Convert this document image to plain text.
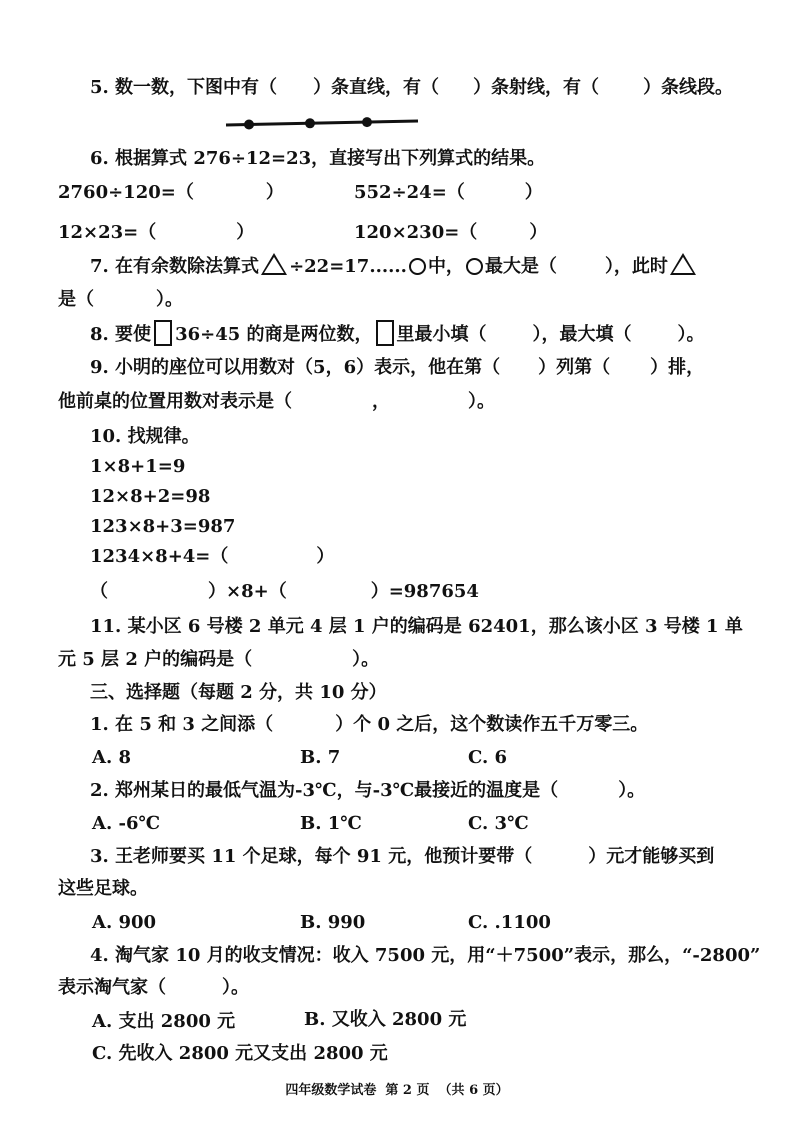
5. 数一数，下图中有（ ）条直线，有（ ）条射线，有（ ）条线段。
6. 根据算式 276÷12=23，直接写出下列算式的结果。
2760÷120=（	）	552÷24=（	）
12×23=（	）	120×230=（	）
7. 在有余数除法算式 ÷22=17...... 中， 最大是（	），此时
是（	）。
8. 要使 36÷45 的商是两位数， 里最小填（	），最大填（	）。
9. 小明的座位可以用数对（5，6）表示，他在第（ ）列第（ ）排，
他前桌的位置用数对表示是（	，	）。
10. 找规律。
1×8+1=9
12×8+2=98
123×8+3=987
1234×8+4=（	）
（	）×8+（	）=987654
11. 某小区 6 号楼 2 单元 4 层 1 户的编码是 62401，那么该小区 3 号楼 1 单
元 5 层 2 户的编码是（	）。
三、选择题（每题 2 分，共 10 分）
1. 在 5 和 3 之间添（	）个 0 之后，这个数读作五千万零三。
A. 8	B. 7	C. 6
2. 郑州某日的最低气温为-3℃，与-3℃最接近的温度是（	）。
A. -6℃	B. 1℃	C. 3℃
3. 王老师要买 11 个足球，每个 91 元，他预计要带（	）元才能够买到
这些足球。
A. 900	B. 990	C. .1100
4. 淘气家 10 月的收支情况：收入 7500 元，用“＋7500”表示，那么，“-2800”
表示淘气家（	）。
A. 支出 2800 元	B. 又收入 2800 元
C. 先收入 2800 元又支出 2800 元
四年级数学试卷  第 2 页  （共 6 页）
